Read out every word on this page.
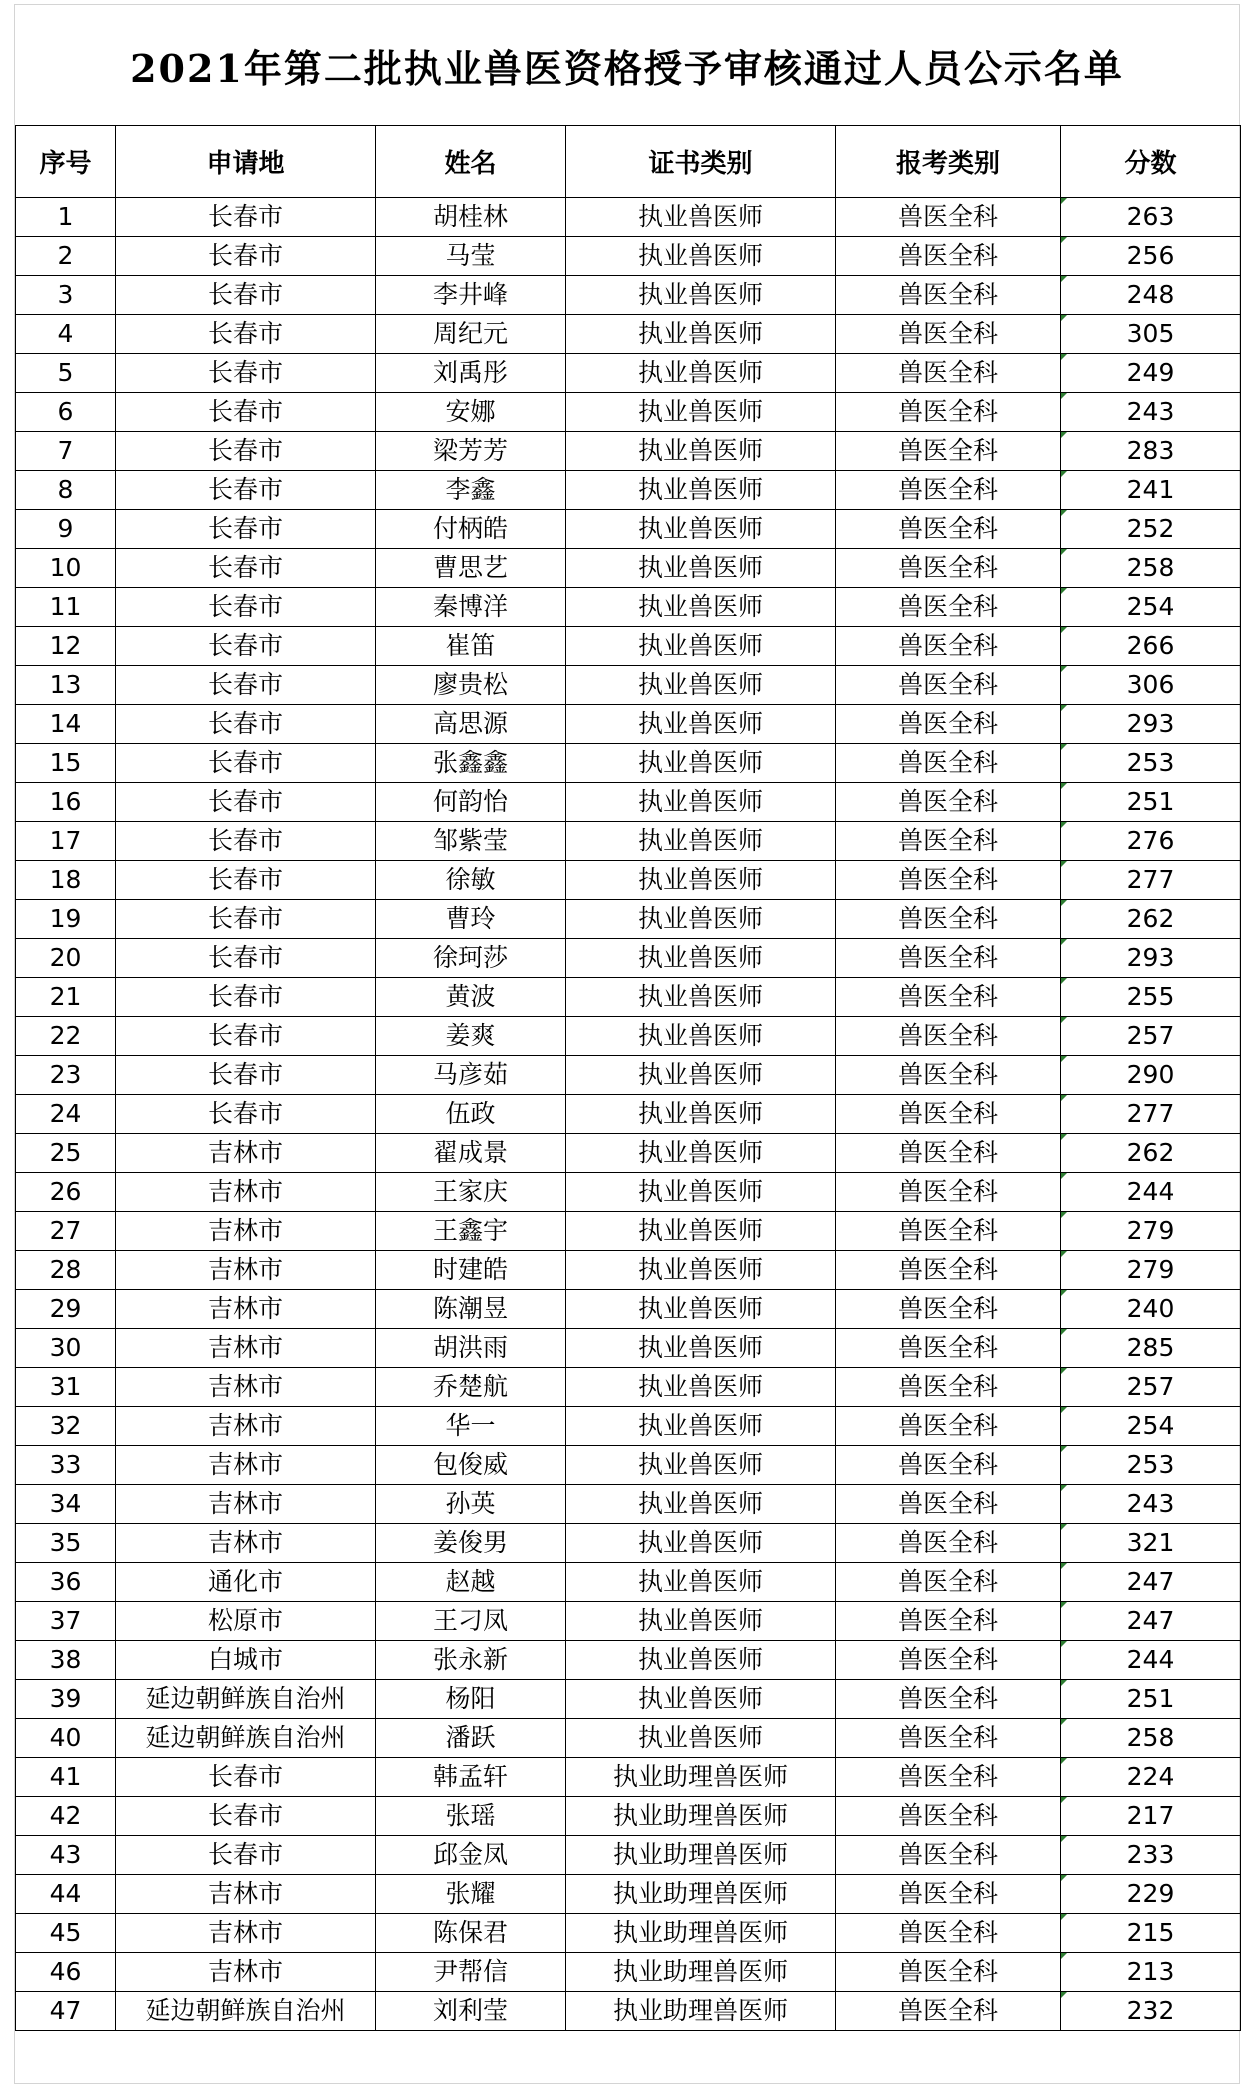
2021年第二批执业兽医资格授予审核通过人员公示名单
序号	申请地	姓名	证书类别	报考类别	分数
1	长春市	胡桂林	执业兽医师	兽医全科	263
2	长春市	马莹	执业兽医师	兽医全科	256
3	长春市	李井峰	执业兽医师	兽医全科	248
4	长春市	周纪元	执业兽医师	兽医全科	305
5	长春市	刘禹彤	执业兽医师	兽医全科	249
6	长春市	安娜	执业兽医师	兽医全科	243
7	长春市	梁芳芳	执业兽医师	兽医全科	283
8	长春市	李鑫	执业兽医师	兽医全科	241
9	长春市	付柄皓	执业兽医师	兽医全科	252
10	长春市	曹思艺	执业兽医师	兽医全科	258
11	长春市	秦博洋	执业兽医师	兽医全科	254
12	长春市	崔笛	执业兽医师	兽医全科	266
13	长春市	廖贵松	执业兽医师	兽医全科	306
14	长春市	高思源	执业兽医师	兽医全科	293
15	长春市	张鑫鑫	执业兽医师	兽医全科	253
16	长春市	何韵怡	执业兽医师	兽医全科	251
17	长春市	邹紫莹	执业兽医师	兽医全科	276
18	长春市	徐敏	执业兽医师	兽医全科	277
19	长春市	曹玲	执业兽医师	兽医全科	262
20	长春市	徐珂莎	执业兽医师	兽医全科	293
21	长春市	黄波	执业兽医师	兽医全科	255
22	长春市	姜爽	执业兽医师	兽医全科	257
23	长春市	马彦茹	执业兽医师	兽医全科	290
24	长春市	伍政	执业兽医师	兽医全科	277
25	吉林市	翟成景	执业兽医师	兽医全科	262
26	吉林市	王家庆	执业兽医师	兽医全科	244
27	吉林市	王鑫宇	执业兽医师	兽医全科	279
28	吉林市	时建皓	执业兽医师	兽医全科	279
29	吉林市	陈潮昱	执业兽医师	兽医全科	240
30	吉林市	胡洪雨	执业兽医师	兽医全科	285
31	吉林市	乔楚航	执业兽医师	兽医全科	257
32	吉林市	华一	执业兽医师	兽医全科	254
33	吉林市	包俊威	执业兽医师	兽医全科	253
34	吉林市	孙英	执业兽医师	兽医全科	243
35	吉林市	姜俊男	执业兽医师	兽医全科	321
36	通化市	赵越	执业兽医师	兽医全科	247
37	松原市	王刁凤	执业兽医师	兽医全科	247
38	白城市	张永新	执业兽医师	兽医全科	244
39	延边朝鲜族自治州	杨阳	执业兽医师	兽医全科	251
40	延边朝鲜族自治州	潘跃	执业兽医师	兽医全科	258
41	长春市	韩孟轩	执业助理兽医师	兽医全科	224
42	长春市	张瑶	执业助理兽医师	兽医全科	217
43	长春市	邱金凤	执业助理兽医师	兽医全科	233
44	吉林市	张耀	执业助理兽医师	兽医全科	229
45	吉林市	陈保君	执业助理兽医师	兽医全科	215
46	吉林市	尹帮信	执业助理兽医师	兽医全科	213
47	延边朝鲜族自治州	刘利莹	执业助理兽医师	兽医全科	232
